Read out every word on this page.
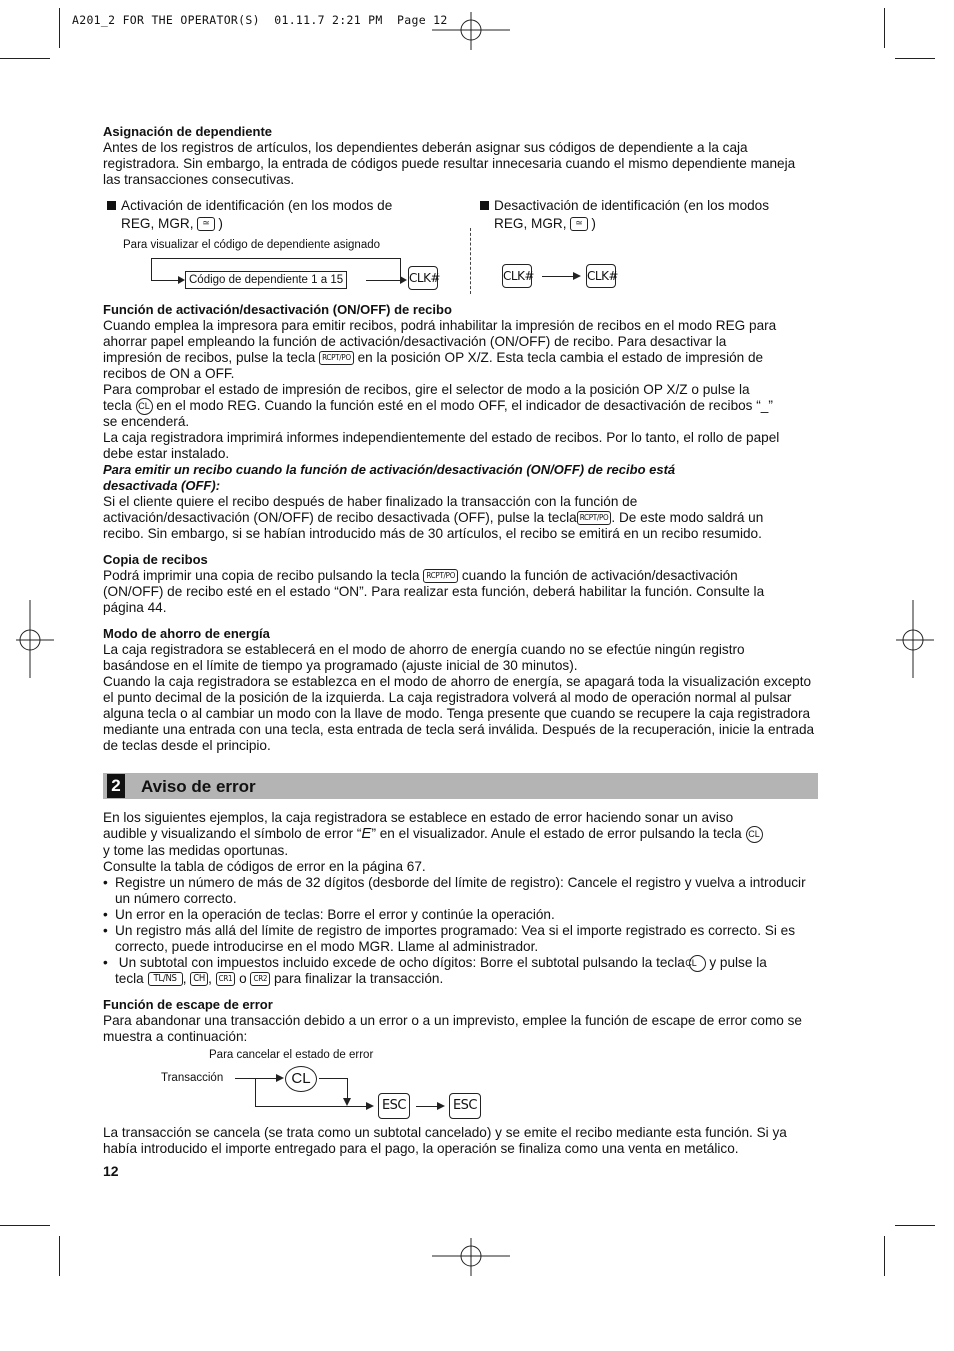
A201_2 FOR THE OPERATOR(S)  01.11.7 2:21 PM  Page 12
Asignación de dependiente
Antes de los registros de artículos, los dependientes deberán asignar sus códigos de dependiente a la caja registradora. Sin embargo, la entrada de códigos puede resultar innecesaria cuando el mismo dependiente maneja las transacciones consecutivas.
Activación de identificación (en los modos de
REG, MGR, ≃ )
Desactivación de identificación (en los modos
REG, MGR, ≃ )
Para visualizar el código de dependiente asignado
Código de dependiente 1 a 15	CLK#	CLK#	CLK#
Función de activación/desactivación (ON/OFF) de recibo
Cuando emplea la impresora para emitir recibos, podrá inhabilitar la impresión de recibos en el modo REG para
ahorrar papel empleando la función de activación/desactivación (ON/OFF) de recibo. Para desactivar la
impresión de recibos, pulse la tecla RCPT/PO en la posición OP X/Z. Esta tecla cambia el estado de impresión de
recibos de ON a OFF.
Para comprobar el estado de impresión de recibos, gire el selector de modo a la posición OP X/Z o pulse la
tecla CL en el modo REG. Cuando la función esté en el modo OFF, el indicador de desactivación de recibos “_”
se encenderá.
La caja registradora imprimirá informes independientemente del estado de recibos. Por lo tanto, el rollo de papel
debe estar instalado.
Para emitir un recibo cuando la función de activación/desactivación (ON/OFF) de recibo está
desactivada (OFF):
Si el cliente quiere el recibo después de haber finalizado la transacción con la función de
activación/desactivación (ON/OFF) de recibo desactivada (OFF), pulse la tecla RCPT/PO . De este modo saldrá un
recibo. Sin embargo, si se habían introducido más de 30 artículos, el recibo se emitirá en un recibo resumido.
Copia de recibos
Podrá imprimir una copia de recibo pulsando la tecla RCPT/PO cuando la función de activación/desactivación
(ON/OFF) de recibo esté en el estado “ON”. Para realizar esta función, deberá habilitar la función. Consulte la
página 44.
Modo de ahorro de energía
La caja registradora se establecerá en el modo de ahorro de energía cuando no se efectúe ningún registro basándose en el límite de tiempo ya programado (ajuste inicial de 30 minutos).
Cuando la caja registradora se establezca en el modo de ahorro de energía, se apagará toda la visualización excepto el punto decimal de la posición de la izquierda. La caja registradora volverá al modo de operación normal al pulsar alguna tecla o al cambiar un modo con la llave de modo. Tenga presente que cuando se recupere la caja registradora mediante una entrada con una tecla, esta entrada de tecla será inválida. Después de la recuperación, inicie la entrada de teclas desde el principio.
2 Aviso de error
En los siguientes ejemplos, la caja registradora se establece en estado de error haciendo sonar un aviso
audible y visualizando el símbolo de error “E” en el visualizador. Anule el estado de error pulsando la tecla CL
y tome las medidas oportunas.
Consulte la tabla de códigos de error en la página 67.
• Registre un número de más de 32 dígitos (desborde del límite de registro): Cancele el registro y vuelva a introducir un número correcto.
• Un error en la operación de teclas: Borre el error y continúe la operación.
• Un registro más allá del límite de registro de importes programado: Vea si el importe registrado es correcto. Si es correcto, puede introducirse en el modo MGR. Llame al administrador.
• Un subtotal con impuestos incluido excede de ocho dígitos: Borre el subtotal pulsando la tecla CL y pulse la
tecla TL/NS , CH , CR1 o CR2 para finalizar la transacción.
Función de escape de error
Para abandonar una transacción debido a un error o a un imprevisto, emplee la función de escape de error como se muestra a continuación:
Para cancelar el estado de error
Transacción	CL
ESC	ESC
La transacción se cancela (se trata como un subtotal cancelado) y se emite el recibo mediante esta función. Si ya había introducido el importe entregado para el pago, la operación se finaliza como una venta en metálico.
12
